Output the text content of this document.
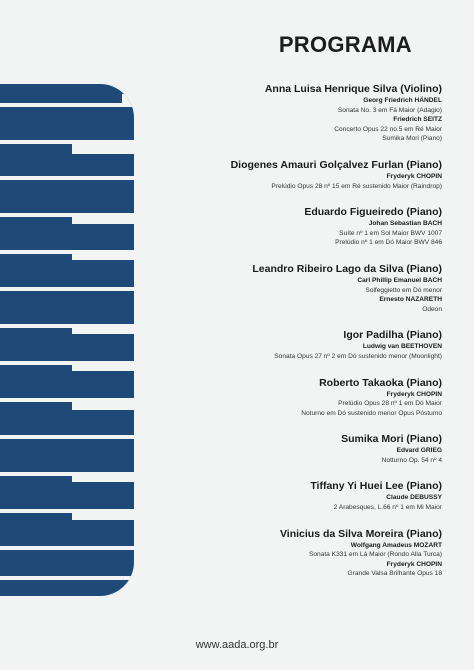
PROGRAMA
Anna Luisa Henrique Silva (Violino)
Georg Friedrich HÄNDEL
Sonata No. 3 em Fá Maior (Adagio)
Friedrich SEITZ
Concerto Opus 22 no.5 em Ré Maior
Sumika Mori (Piano)
Diogenes Amauri Golçalvez Furlan (Piano)
Fryderyk CHOPIN
Prelúdio Opus 28 nº 15 em Ré sustenido Maior (Raindrop)
Eduardo Figueiredo (Piano)
Johan Sebastian BACH
Suíte nº 1 em Sol Maior BWV 1007
Prelúdio nº 1 em Dó Maior BWV 846
Leandro Ribeiro Lago da Silva (Piano)
Carl Phillip Emanuel BACH
Solfeggietto em Dó menor
Ernesto NAZARETH
Odeon
Igor Padilha (Piano)
Ludwig van BEETHOVEN
Sonata Opus 27 nº 2 em Dó sustenido menor (Moonlight)
Roberto Takaoka (Piano)
Fryderyk CHOPIN
Prelúdio Opus 28 nº 1 em Dó Maior
Noturno em Dó sustenido menor Opus Póstumo
Sumika Mori (Piano)
Edvard GRIEG
Notturno Op. 54 nº 4
Tiffany Yi Huei Lee (Piano)
Claude DEBUSSY
2 Arabesques, L.66 nº 1 em Mi Maior
Vinicius da Silva Moreira (Piano)
Wolfgang Amadeus MOZART
Sonata K331 em Lá Maior (Rondo Alla Turca)
Fryderyk CHOPIN
Grande Valsa Brilhante Opus 18
www.aada.org.br
